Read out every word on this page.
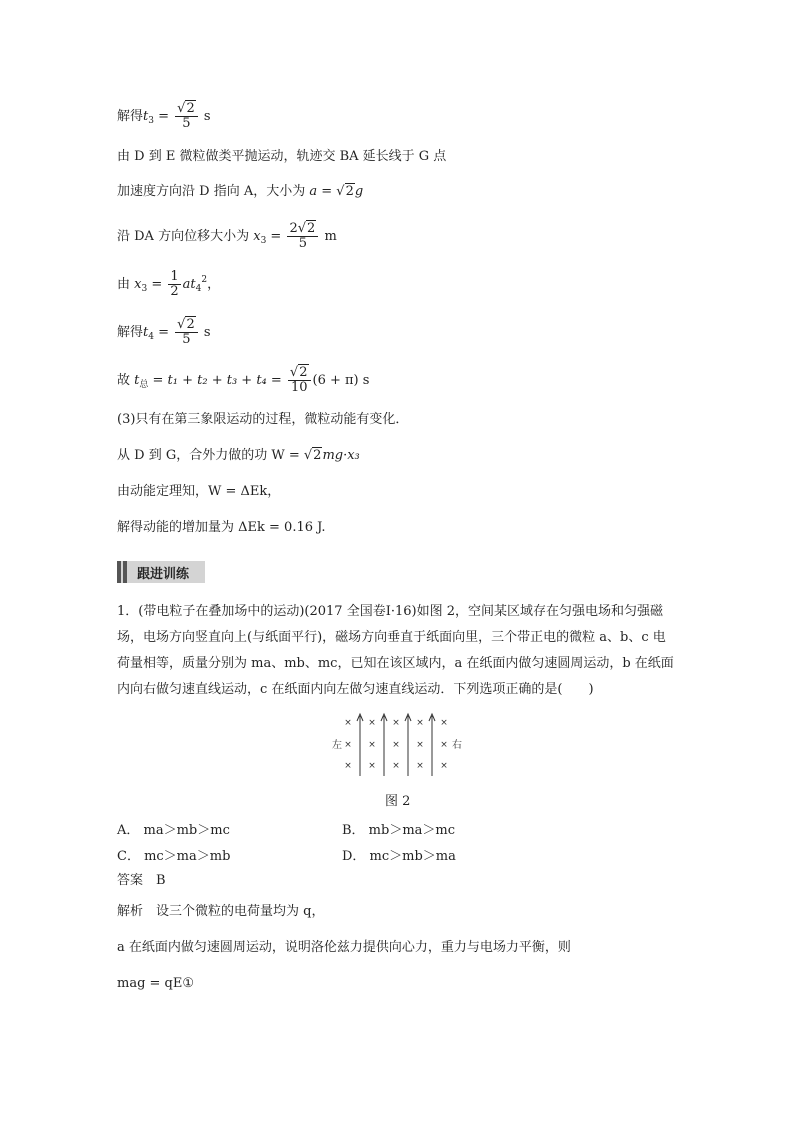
解得$t_3 = \frac{√2}{5}$ s
由 D 到 E 微粒做类平抛运动，轨迹交 BA 延长线于 G 点
加速度方向沿 D 指向 A，大小为 a = √2g
沿 DA 方向位移大小为 $x_3 = \frac{2√2}{5}$ m
由 $x_3 = \frac{1}{2} at_4^2$，
解得$t_4 = \frac{√2}{5}$ s
故 $t_总 = t_1 + t_2 + t_3 + t_4 = \frac{√2}{10} (6 + \pi)$ s
(3)只有在第三象限运动的过程，微粒动能有变化．
从 D 到 G，合外力做的功 W = √2mg·x₃
由动能定理知，W = ΔEk，
解得动能的增加量为 ΔEk = 0.16 J.
跟进训练
1．(带电粒子在叠加场中的运动)(2017 全国卷Ⅰ·16)如图 2，空间某区域存在匀强电场和匀强磁场，电场方向竖直向上(与纸面平行)，磁场方向垂直于纸面向里，三个带正电的微粒 a、b、c 电荷量相等，质量分别为 ma、mb、mc，已知在该区域内，a 在纸面内做匀速圆周运动，b 在纸面内向右做匀速直线运动，c 在纸面内向左做匀速直线运动．下列选项正确的是(　　)
× × × × ×
× × × × ×
× × × × ×
左	右
图 2
A． ma＞mb＞mc	B． mb＞ma＞mc
C． mc＞ma＞mb	D． mc＞mb＞ma
答案　B
解析　设三个微粒的电荷量均为 q，
a 在纸面内做匀速圆周运动，说明洛伦兹力提供向心力，重力与电场力平衡，则
mag = qE①
